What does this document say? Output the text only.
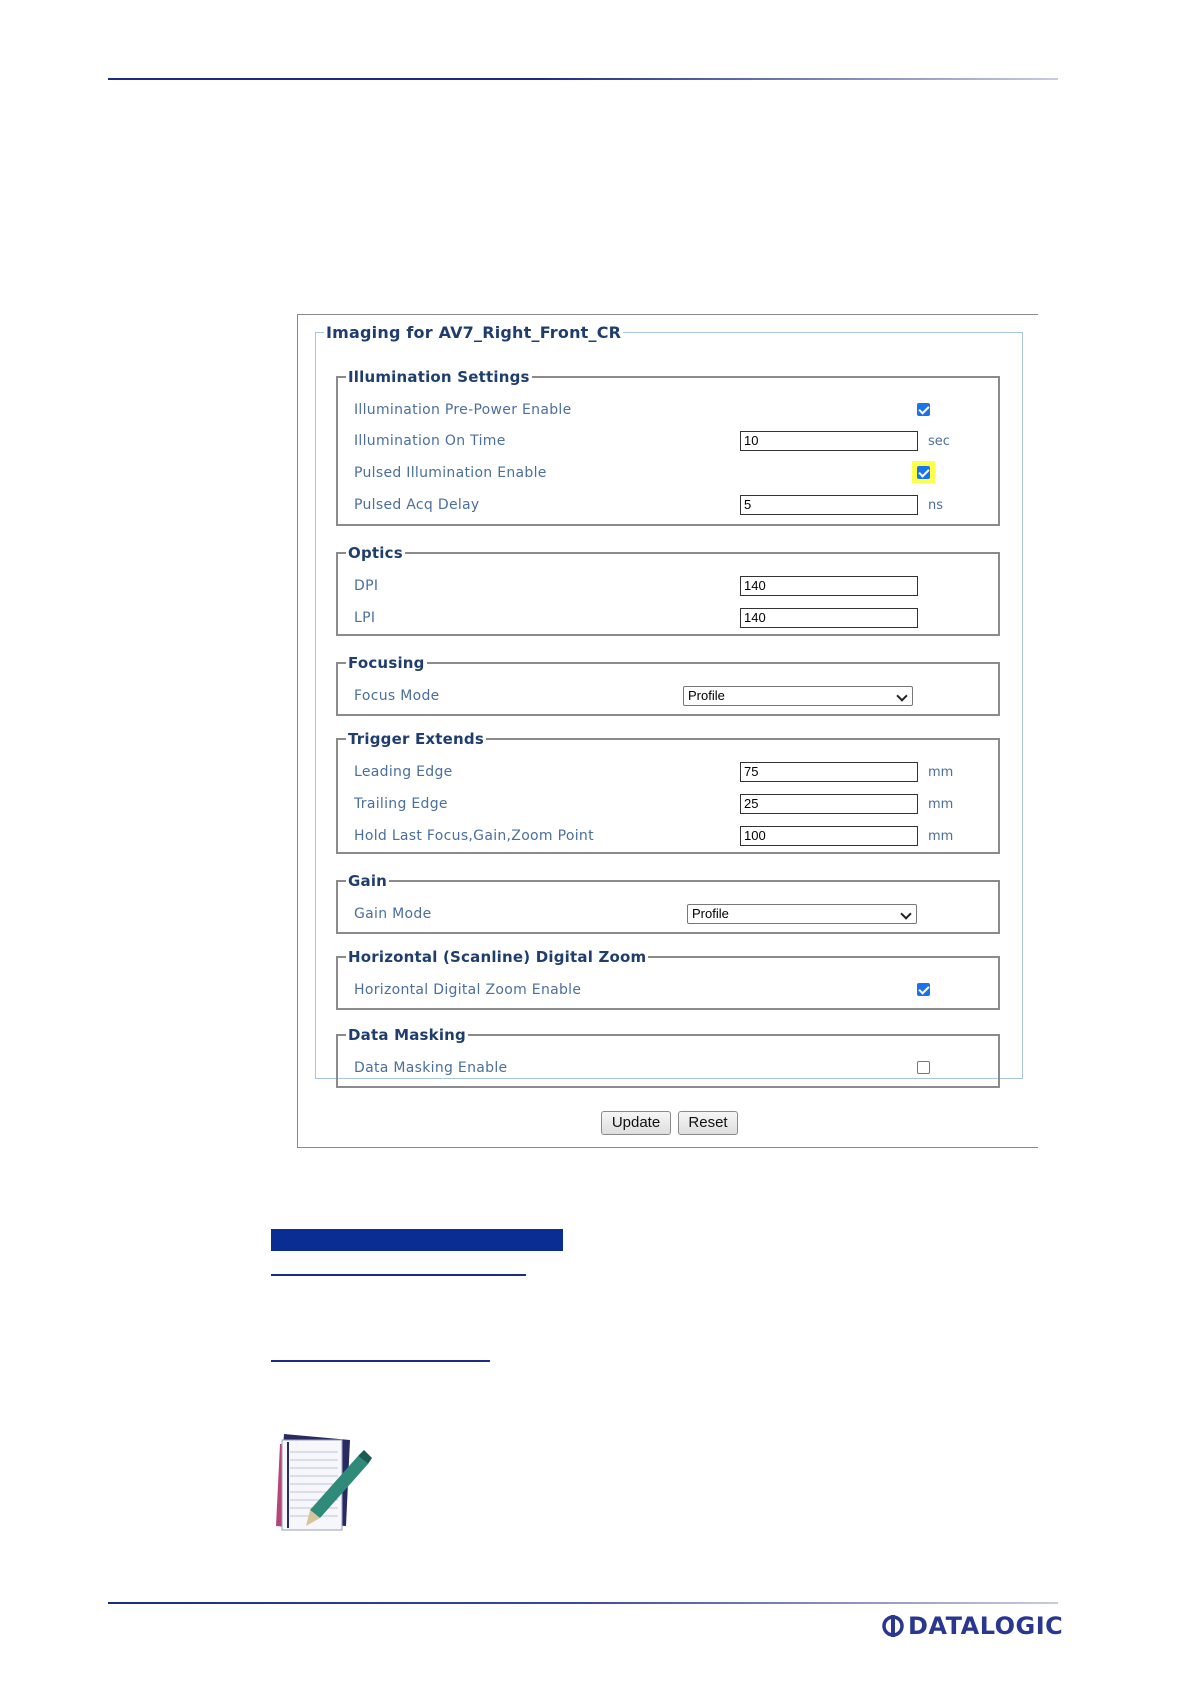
Imaging for AV7_Right_Front_CR
Illumination Settings
Illumination Pre-Power Enable
Illumination On Time	10	sec
Pulsed Illumination Enable
Pulsed Acq Delay	5	ns
Optics
DPI	140
LPI	140
Focusing
Focus Mode	Profile
Trigger Extends
Leading Edge	75	mm
Trailing Edge	25	mm
Hold Last Focus,Gain,Zoom Point	100	mm
Gain
Gain Mode	Profile
Horizontal (Scanline) Digital Zoom
Horizontal Digital Zoom Enable
Data Masking
Data Masking Enable
Update	Reset
DATALOGIC
